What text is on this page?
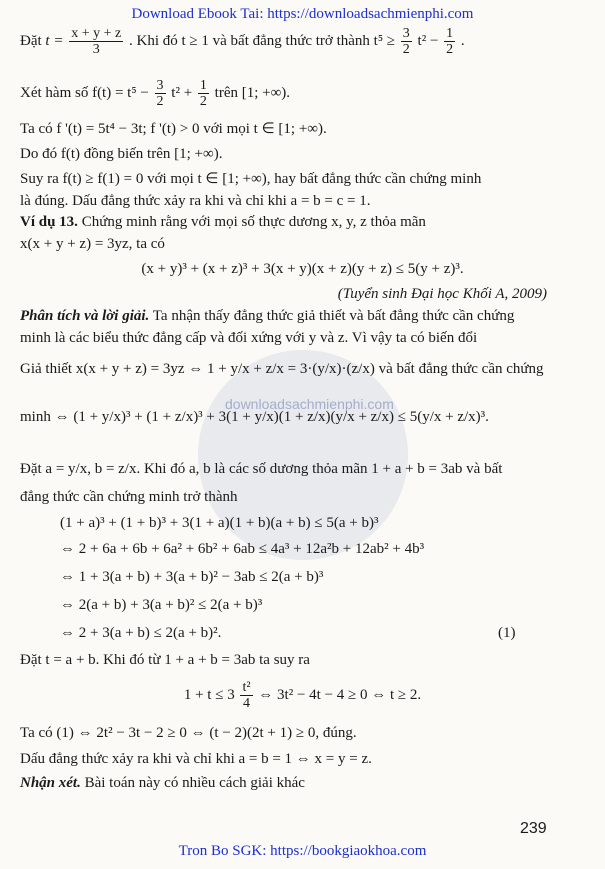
Download Ebook Tai: https://downloadsachmienphi.com
downloadsachmienphi.com
Đặt $t = \frac{x + y + z}{3}$ . Khi đó t ≥ 1 và bất đẳng thức trở thành $t^5 \ge \frac{3}{2} t^2 - \frac{1}{2}$ .
Xét hàm số $f(t) = t^5 - \frac{3}{2} t^2 + \frac{1}{2}$ trên [1; +∞).
Ta có f '(t) = 5t⁴ − 3t; f '(t) > 0 với mọi t ∈ [1; +∞).
Do đó f(t) đồng biến trên [1; +∞).
Suy ra f(t) ≥ f(1) = 0 với mọi t ∈ [1; +∞), hay bất đẳng thức cần chứng minh
là đúng. Dấu đẳng thức xảy ra khi và chỉ khi a = b = c = 1.
Ví dụ 13. Chứng minh rằng với mọi số thực dương x, y, z thỏa mãn
x(x + y + z) = 3yz, ta có
(x + y)³ + (x + z)³ + 3(x + y)(x + z)(y + z) ≤ 5(y + z)³.
(Tuyển sinh Đại học Khối A, 2009)
Phân tích và lời giải. Ta nhận thấy đẳng thức giả thiết và bất đẳng thức cần chứng
minh là các biểu thức đẳng cấp và đối xứng với y và z. Vì vậy ta có biến đổi
Giả thiết x(x + y + z) = 3yz ⇔ 1 + y/x + z/x = 3·(y/x)·(z/x) và bất đẳng thức cần chứng
minh ⇔ (1 + y/x)³ + (1 + z/x)³ + 3(1 + y/x)(1 + z/x)(y/x + z/x) ≤ 5(y/x + z/x)³.
Đặt a = y/x, b = z/x. Khi đó a, b là các số dương thỏa mãn 1 + a + b = 3ab và bất
đẳng thức cần chứng minh trở thành
(1 + a)³ + (1 + b)³ + 3(1 + a)(1 + b)(a + b) ≤ 5(a + b)³
⇔ 2 + 6a + 6b + 6a² + 6b² + 6ab ≤ 4a³ + 12a²b + 12ab² + 4b³
⇔ 1 + 3(a + b) + 3(a + b)² − 3ab ≤ 2(a + b)³
⇔ 2(a + b) + 3(a + b)² ≤ 2(a + b)³
⇔ 2 + 3(a + b) ≤ 2(a + b)².	(1)
Đặt t = a + b. Khi đó từ 1 + a + b = 3ab ta suy ra
$1 + t \le 3 \frac{\text{t²}}{4}$ ⇔ 3t² − 4t − 4 ≥ 0 ⇔ t ≥ 2.
Ta có (1) ⇔ 2t² − 3t − 2 ≥ 0 ⇔ (t − 2)(2t + 1) ≥ 0, đúng.
Dấu đẳng thức xảy ra khi và chỉ khi a = b = 1 ⇔ x = y = z.
Nhận xét. Bài toán này có nhiều cách giải khác
239
Tron Bo SGK: https://bookgiaokhoa.com
